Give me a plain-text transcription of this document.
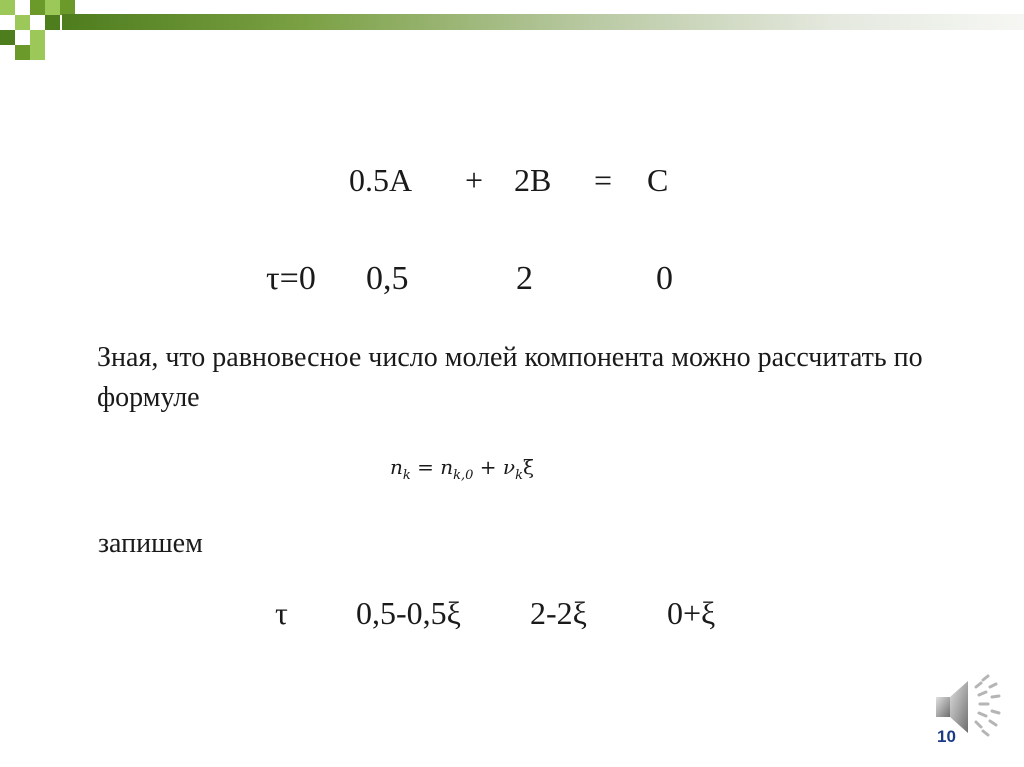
0.5A + 2B = C
τ=0 0,5	2	0
Зная, что равновесное число молей компонента можно рассчитать по формуле
$n_k = n_{k,0} + \nu_k\xi$
запишем
τ 0,5-0,5ξ 2-2ξ	0+ξ
10
